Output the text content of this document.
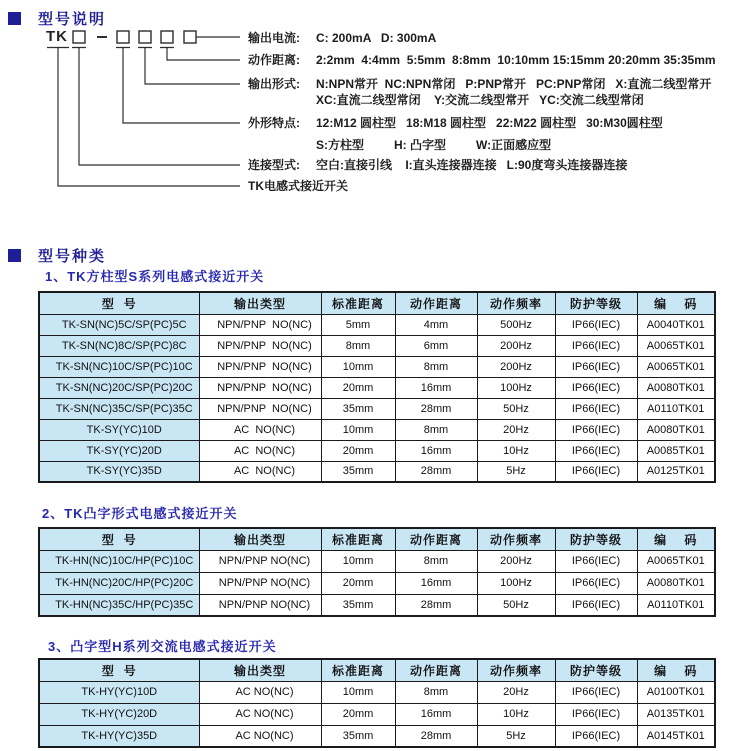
型号说明
TK	输出电流:	C: 200mA   D: 300mA
动作距离:	2:2mm  4:4mm  5:5mm  8:8mm  10:10mm 15:15mm 20:20mm 35:35mm
输出形式:	N:NPN常开  NC:NPN常闭   P:PNP常开   PC:PNP常闭   X:直流二线型常开
XC:直流二线型常闭    Y:交流二线型常开   YC:交流二线型常闭
外形特点:	12:M12 圆柱型   18:M18 圆柱型   22:M22 圆柱型   30:M30圆柱型
S:方柱型         H: 凸字型         W:正面感应型
连接型式:	空白:直接引线    I:直头连接器连接   L:90度弯头连接器连接
TK电感式接近开关
型号种类
1、TK方柱型S系列电感式接近开关
型  号	输出类型	标准距离	动作距离	动作频率	防护等级	编    码
TK-SN(NC)5C/SP(PC)5C	NPN/PNP  NO(NC)	5mm	4mm	500Hz	IP66(IEC)	A0040TK01
TK-SN(NC)8C/SP(PC)8C	NPN/PNP  NO(NC)	8mm	6mm	200Hz	IP66(IEC)	A0065TK01
TK-SN(NC)10C/SP(PC)10C	NPN/PNP  NO(NC)	10mm	8mm	200Hz	IP66(IEC)	A0065TK01
TK-SN(NC)20C/SP(PC)20C	NPN/PNP  NO(NC)	20mm	16mm	100Hz	IP66(IEC)	A0080TK01
TK-SN(NC)35C/SP(PC)35C	NPN/PNP  NO(NC)	35mm	28mm	50Hz	IP66(IEC)	A0110TK01
TK-SY(YC)10D	AC  NO(NC)	10mm	8mm	20Hz	IP66(IEC)	A0080TK01
TK-SY(YC)20D	AC  NO(NC)	20mm	16mm	10Hz	IP66(IEC)	A0085TK01
TK-SY(YC)35D	AC  NO(NC)	35mm	28mm	5Hz	IP66(IEC)	A0125TK01
2、TK凸字形式电感式接近开关
型  号	输出类型	标准距离	动作距离	动作频率	防护等级	编    码
TK-HN(NC)10C/HP(PC)10C	NPN/PNP NO(NC)	10mm	8mm	200Hz	IP66(IEC)	A0065TK01
TK-HN(NC)20C/HP(PC)20C	NPN/PNP NO(NC)	20mm	16mm	100Hz	IP66(IEC)	A0080TK01
TK-HN(NC)35C/HP(PC)35C	NPN/PNP NO(NC)	35mm	28mm	50Hz	IP66(IEC)	A0110TK01
3、凸字型H系列交流电感式接近开关
型  号	输出类型	标准距离	动作距离	动作频率	防护等级	编    码
TK-HY(YC)10D	AC NO(NC)	10mm	8mm	20Hz	IP66(IEC)	A0100TK01
TK-HY(YC)20D	AC NO(NC)	20mm	16mm	10Hz	IP66(IEC)	A0135TK01
TK-HY(YC)35D	AC NO(NC)	35mm	28mm	5Hz	IP66(IEC)	A0145TK01
